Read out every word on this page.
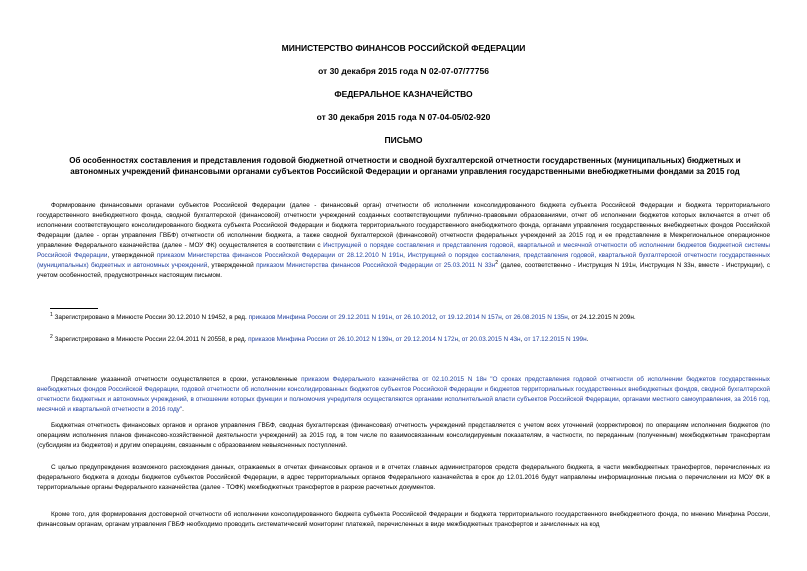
МИНИСТЕРСТВО ФИНАНСОВ РОССИЙСКОЙ ФЕДЕРАЦИИ
от 30 декабря 2015 года N 02-07-07/77756
ФЕДЕРАЛЬНОЕ КАЗНАЧЕЙСТВО
от 30 декабря 2015 года N 07-04-05/02-920
ПИСЬМО
Об особенностях составления и представления годовой бюджетной отчетности и сводной бухгалтерской отчетности государственных (муниципальных) бюджетных и автономных учреждений финансовыми органами субъектов Российской Федерации и органами управления государственными внебюджетными фондами за 2015 год
Формирование финансовыми органами субъектов Российской Федерации (далее - финансовый орган) отчетности об исполнении консолидированного бюджета субъекта Российской Федерации и бюджета территориального государственного внебюджетного фонда, сводной бухгалтерской (финансовой) отчетности учреждений созданных соответствующими публично-правовыми образованиями, отчет об исполнении бюджетов которых включается в отчет об исполнении соответствующего консолидированного бюджета субъекта Российской Федерации и бюджета территориального государственного внебюджетного фонда, органами управления государственных внебюджетных фондов Российской Федерации (далее - орган управления ГВБФ) отчетности об исполнении бюджета, а также сводной бухгалтерской (финансовой) отчетности федеральных учреждений за 2015 год и ее представление в Межрегиональное операционное управление Федерального казначейства (далее - МОУ ФК) осуществляется в соответствии с Инструкцией о порядке составления и представления годовой, квартальной и месячной отчетности об исполнении бюджетов бюджетной системы Российской Федерации, утвержденной приказом Министерства финансов Российской Федерации от 28.12.2010 N 191н, Инструкцией о порядке составления, представления годовой, квартальной бухгалтерской отчетности государственных (муниципальных) бюджетных и автономных учреждений, утвержденной приказом Министерства финансов Российской Федерации от 25.03.2011 N $33н^2$ (далее, соответственно - Инструкция N 191н, Инструкция N 33н, вместе - Инструкции), с учетом особенностей, предусмотренных настоящим письмом.
$^1$ Зарегистрировано в Минюсте России 30.12.2010 N 19452, в ред. приказов Минфина России от 29.12.2011 N 191н, от 26.10.2012, от 19.12.2014 N 157н, от 26.08.2015 N 135н, от 24.12.2015 N 209н.
$^2$ Зарегистрировано в Минюсте России 22.04.2011 N 20558, в ред. приказов Минфина России от 26.10.2012 N 139н, от 29.12.2014 N 172н, от 20.03.2015 N 43н, от 17.12.2015 N 199н.
Представление указанной отчетности осуществляется в сроки, установленные приказом Федерального казначейства от 02.10.2015 N 18н "О сроках представления годовой отчетности об исполнении бюджетов государственных внебюджетных фондов Российской Федерации, годовой отчетности об исполнении консолидированных бюджетов субъектов Российской Федерации и бюджетов территориальных государственных внебюджетных фондов, сводной бухгалтерской отчетности бюджетных и автономных учреждений, в отношении которых функции и полномочия учредителя осуществляются органами исполнительной власти субъектов Российской Федерации, органами местного самоуправления, за 2016 год, месячной и квартальной отчетности в 2016 году".
Бюджетная отчетность финансовых органов и органов управления ГВБФ, сводная бухгалтерская (финансовая) отчетность учреждений представляется с учетом всех уточнений (корректировок) по операциям исполнения бюджетов (по операциям исполнения планов финансово-хозяйственной деятельности учреждений) за 2015 год, в том числе по взаимосвязанным консолидируемым показателям, в частности, по переданным (полученным) межбюджетным трансфертам (субсидиям из бюджетов) и другим операциям, связанным с образованием невыясненных поступлений.
С целью предупреждения возможного расхождения данных, отражаемых в отчетах финансовых органов и в отчетах главных администраторов средств федерального бюджета, в части межбюджетных трансфертов, перечисленных из федерального бюджета в доходы бюджетов субъектов Российской Федерации, в адрес территориальных органов Федерального казначейства в срок до 12.01.2016 будут направлены информационные письма о перечислении из МОУ ФК в территориальные органы Федерального казначейства (далее - ТОФК) межбюджетных трансфертов в разрезе расчетных документов.
Кроме того, для формирования достоверной отчетности об исполнении консолидированного бюджета субъекта Российской Федерации и бюджета территориального государственного внебюджетного фонда, по мнению Минфина России, финансовым органам, органам управления ГВБФ необходимо проводить систематический мониторинг платежей, перечисленных в виде межбюджетных трансфертов и зачисленных на код
